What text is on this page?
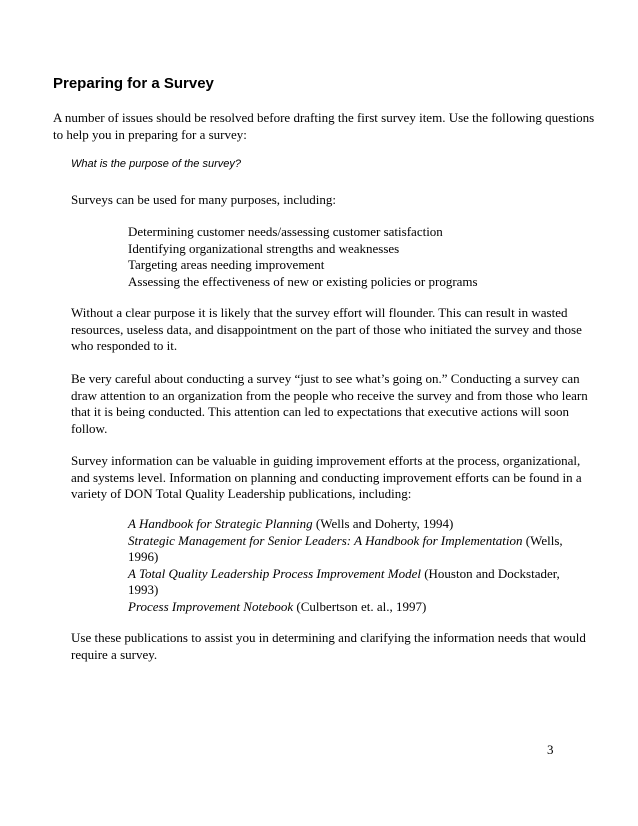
Preparing for a Survey

A number of issues should be resolved before drafting the first survey item. Use the following questions to help you in preparing for a survey:

What is the purpose of the survey?

Surveys can be used for many purposes, including:

Determining customer needs/assessing customer satisfaction
Identifying organizational strengths and weaknesses
Targeting areas needing improvement
Assessing the effectiveness of new or existing policies or programs

Without a clear purpose it is likely that the survey effort will flounder. This can result in wasted resources, useless data, and disappointment on the part of those who initiated the survey and those who responded to it.

Be very careful about conducting a survey “just to see what’s going on.” Conducting a survey can draw attention to an organization from the people who receive the survey and from those who learn that it is being conducted. This attention can led to expectations that executive actions will soon follow.

Survey information can be valuable in guiding improvement efforts at the process, organizational, and systems level. Information on planning and conducting improvement efforts can be found in a variety of DON Total Quality Leadership publications, including:

A Handbook for Strategic Planning (Wells and Doherty, 1994)
Strategic Management for Senior Leaders: A Handbook for Implementation (Wells, 1996)
A Total Quality Leadership Process Improvement Model (Houston and Dockstader, 1993)
Process Improvement Notebook (Culbertson et. al., 1997)

Use these publications to assist you in determining and clarifying the information needs that would require a survey.

3
